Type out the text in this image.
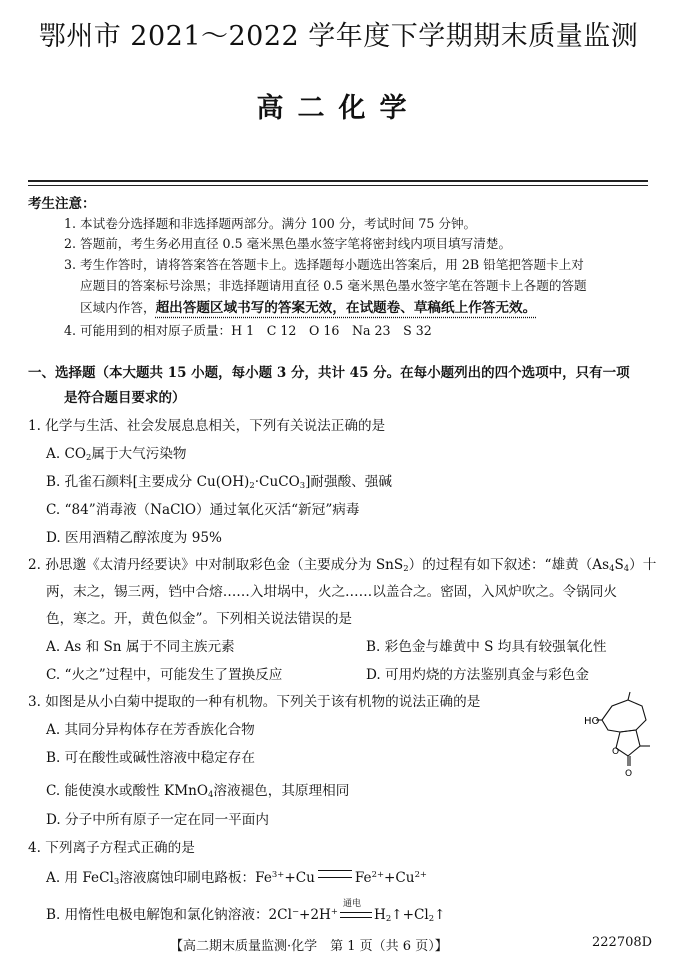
鄂州市 2021～2022 学年度下学期期末质量监测
高二化学
考生注意：
1. 本试卷分选择题和非选择题两部分。满分 100 分，考试时间 75 分钟。
2. 答题前，考生务必用直径 0.5 毫米黑色墨水签字笔将密封线内项目填写清楚。
3. 考生作答时，请将答案答在答题卡上。选择题每小题选出答案后，用 2B 铅笔把答题卡上对
应题目的答案标号涂黑；非选择题请用直径 0.5 毫米黑色墨水签字笔在答题卡上各题的答题
区域内作答，超出答题区域书写的答案无效，在试题卷、草稿纸上作答无效。
4. 可能用到的相对原子质量：H 1　C 12　O 16　Na 23　S 32
一、选择题（本大题共 15 小题，每小题 3 分，共计 45 分。在每小题列出的四个选项中，只有一项
是符合题目要求的）
1. 化学与生活、社会发展息息相关，下列有关说法正确的是
A. $CO_2$属于大气污染物
B. 孔雀石颜料[主要成分 $Cu(OH)_2\cdot CuCO_3$]耐强酸、强碱
C. “84”消毒液（NaClO）通过氧化灭活“新冠”病毒
D. 医用酒精乙醇浓度为 95%
2. 孙思邈《太清丹经要诀》中对制取彩色金（主要成分为 SnS$_2$）的过程有如下叙述：“雄黄$(As_4S_4)$十
两，末之，锡三两，铛中合熔……入坩埚中，火之……以盖合之。密固，入风炉吹之。令锅同火
色，寒之。开，黄色似金”。下列相关说法错误的是
A. As 和 Sn 属于不同主族元素	B. 彩色金与雄黄中 S 均具有较强氧化性
C. “火之”过程中，可能发生了置换反应	D. 可用灼烧的方法鉴别真金与彩色金
3. 如图是从小白菊中提取的一种有机物。下列关于该有机物的说法正确的是
A. 其同分异构体存在芳香族化合物
B. 可在酸性或碱性溶液中稳定存在
C. 能使溴水或酸性 KMnO$_4$溶液褪色，其原理相同
D. 分子中所有原子一定在同一平面内
HO
O
O
4. 下列离子方程式正确的是
A. 用 FeCl$_3$溶液腐蚀印刷电路板：$Fe^{3+}+Cu$	$Fe^{2+}+Cu^{2+}$
B. 用惰性电极电解饱和氯化钠溶液：2Cl−+2H+
通电
$H_2↑+Cl_2↑$
【高二期末质量监测·化学　第 1 页（共 6 页）】	222708D
